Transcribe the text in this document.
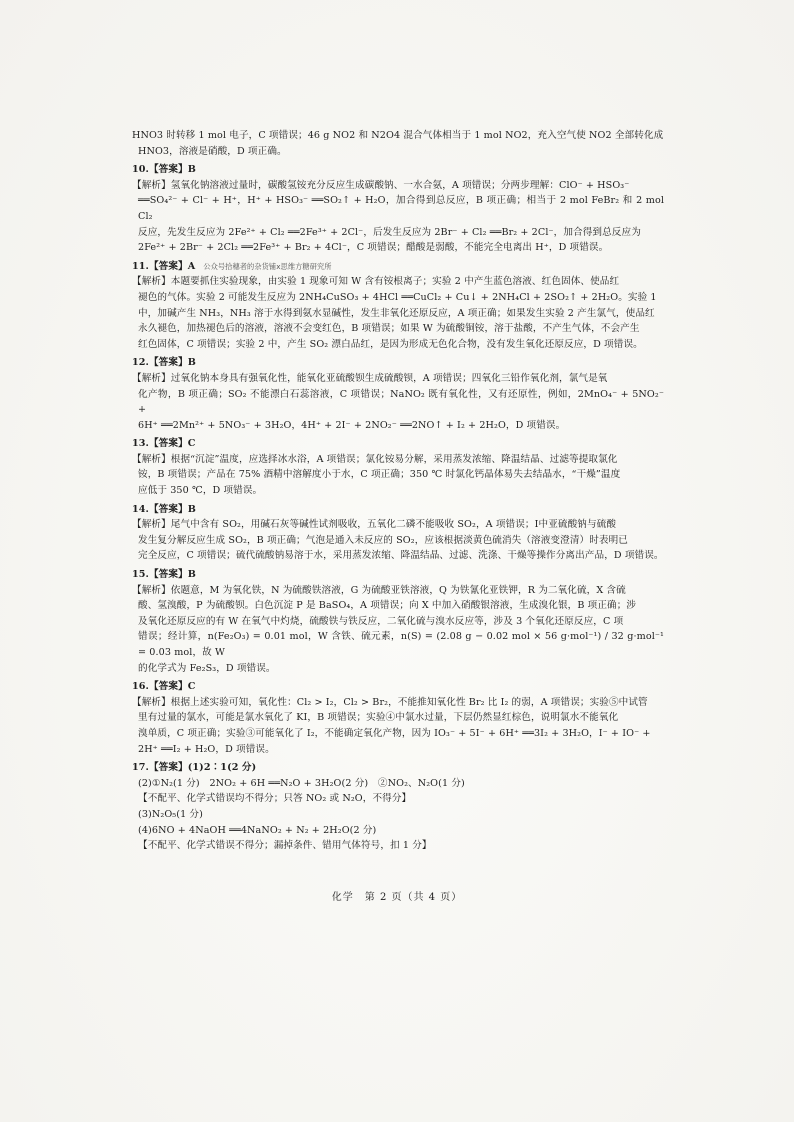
HNO3 时转移 1 mol 电子，C 项错误；46 g NO2 和 N2O4 混合气体相当于 1 mol NO2，充入空气使 NO2 全部转化成

HNO3，溶液是硝酸，D 项正确。

10.【答案】B

【解析】氢氧化钠溶液过量时，碳酸氢铵充分反应生成碳酸钠、一水合氨，A 项错误；分两步理解：ClO⁻ + HSO₃⁻

══SO₄²⁻ + Cl⁻ + H⁺，H⁺ + HSO₃⁻ ══SO₂↑ + H₂O，加合得到总反应，B 项正确；相当于 2 mol FeBr₂ 和 2 mol Cl₂

反应，先发生反应为 2Fe²⁺ + Cl₂ ══2Fe³⁺ + 2Cl⁻，后发生反应为 2Br⁻ + Cl₂ ══Br₂ + 2Cl⁻，加合得到总反应为

2Fe²⁺ + 2Br⁻ + 2Cl₂ ══2Fe³⁺ + Br₂ + 4Cl⁻，C 项错误；醋酸是弱酸，不能完全电离出 H⁺，D 项错误。

11.【答案】A 公众号拾穗者的杂货铺x思维方糖研究所

【解析】本题要抓住实验现象，由实验 1 现象可知 W 含有铵根离子；实验 2 中产生蓝色溶液、红色固体、使品红

褪色的气体。实验 2 可能发生反应为 2NH₄CuSO₃ + 4HCl ══CuCl₂ + Cu↓ + 2NH₄Cl + 2SO₂↑ + 2H₂O。实验 1

中，加碱产生 NH₃，NH₃ 溶于水得到氨水显碱性，发生非氧化还原反应，A 项正确；如果发生实验 2 产生氯气，使品红

永久褪色，加热褪色后的溶液，溶液不会变红色，B 项错误；如果 W 为硫酸铜铵，溶于盐酸，不产生气体，不会产生

红色固体，C 项错误；实验 2 中，产生 SO₂ 漂白品红，是因为形成无色化合物，没有发生氧化还原反应，D 项错误。

12.【答案】B

【解析】过氧化钠本身具有强氧化性，能氧化亚硫酸钡生成硫酸钡，A 项错误；四氧化三铅作氧化剂，氯气是氧

化产物，B 项正确；SO₂ 不能漂白石蕊溶液，C 项错误；NaNO₂ 既有氧化性，又有还原性，例如，2MnO₄⁻ + 5NO₂⁻ +

6H⁺ ══2Mn²⁺ + 5NO₃⁻ + 3H₂O，4H⁺ + 2I⁻ + 2NO₂⁻ ══2NO↑ + I₂ + 2H₂O，D 项错误。

13.【答案】C

【解析】根据“沉淀”温度，应选择冰水浴，A 项错误；氯化铵易分解，采用蒸发浓缩、降温结晶、过滤等提取氯化

铵，B 项错误；产品在 75% 酒精中溶解度小于水，C 项正确；350 ℃ 时氯化钙晶体易失去结晶水，“干燥”温度

应低于 350 ℃，D 项错误。

14.【答案】B

【解析】尾气中含有 SO₂，用碱石灰等碱性试剂吸收，五氧化二磷不能吸收 SO₂，A 项错误；Ⅰ中亚硫酸钠与硫酸

发生复分解反应生成 SO₂，B 项正确；气泡是通入未反应的 SO₂，应该根据淡黄色硫消失（溶液变澄清）时表明已

完全反应，C 项错误；硫代硫酸钠易溶于水，采用蒸发浓缩、降温结晶、过滤、洗涤、干燥等操作分离出产品，D 项错误。

15.【答案】B

【解析】依题意，M 为氧化铁，N 为硫酸铁溶液，G 为硫酸亚铁溶液，Q 为铁氰化亚铁钾，R 为二氧化硫，X 含硫

酸、氢溴酸，P 为硫酸钡。白色沉淀 P 是 BaSO₄，A 项错误；向 X 中加入硝酸银溶液，生成溴化银，B 项正确；涉

及氧化还原反应的有 W 在氧气中灼烧，硫酸铁与铁反应，二氧化硫与溴水反应等，涉及 3 个氧化还原反应，C 项

错误；经计算，n(Fe₂O₃) = 0.01 mol，W 含铁、硫元素，n(S) = (2.08 g − 0.02 mol × 56 g·mol⁻¹) / 32 g·mol⁻¹ = 0.03 mol，故 W

的化学式为 Fe₂S₃，D 项错误。

16.【答案】C

【解析】根据上述实验可知，氧化性：Cl₂ > I₂，Cl₂ > Br₂，不能推知氧化性 Br₂ 比 I₂ 的弱，A 项错误；实验⑤中试管

里有过量的氯水，可能是氯水氧化了 KI，B 项错误；实验④中氯水过量，下层仍然显红棕色，说明氯水不能氧化

溴单质，C 项正确；实验③可能氧化了 I₂，不能确定氧化产物，因为 IO₃⁻ + 5I⁻ + 6H⁺ ══3I₂ + 3H₂O，I⁻ + IO⁻ +

2H⁺ ══I₂ + H₂O，D 项错误。

17.【答案】(1)2∶1(2 分)

(2)①N₂(1 分)　2NO₂ + 6H ══N₂O + 3H₂O(2 分)　②NO₂、N₂O(1 分)

【不配平、化学式错误均不得分；只答 NO₂ 或 N₂O，不得分】

(3)N₂O₅(1 分)

(4)6NO + 4NaOH ══4NaNO₂ + N₂ + 2H₂O(2 分)

【不配平、化学式错误不得分；漏掉条件、错用气体符号，扣 1 分】

化学　第 2 页（共 4 页）
